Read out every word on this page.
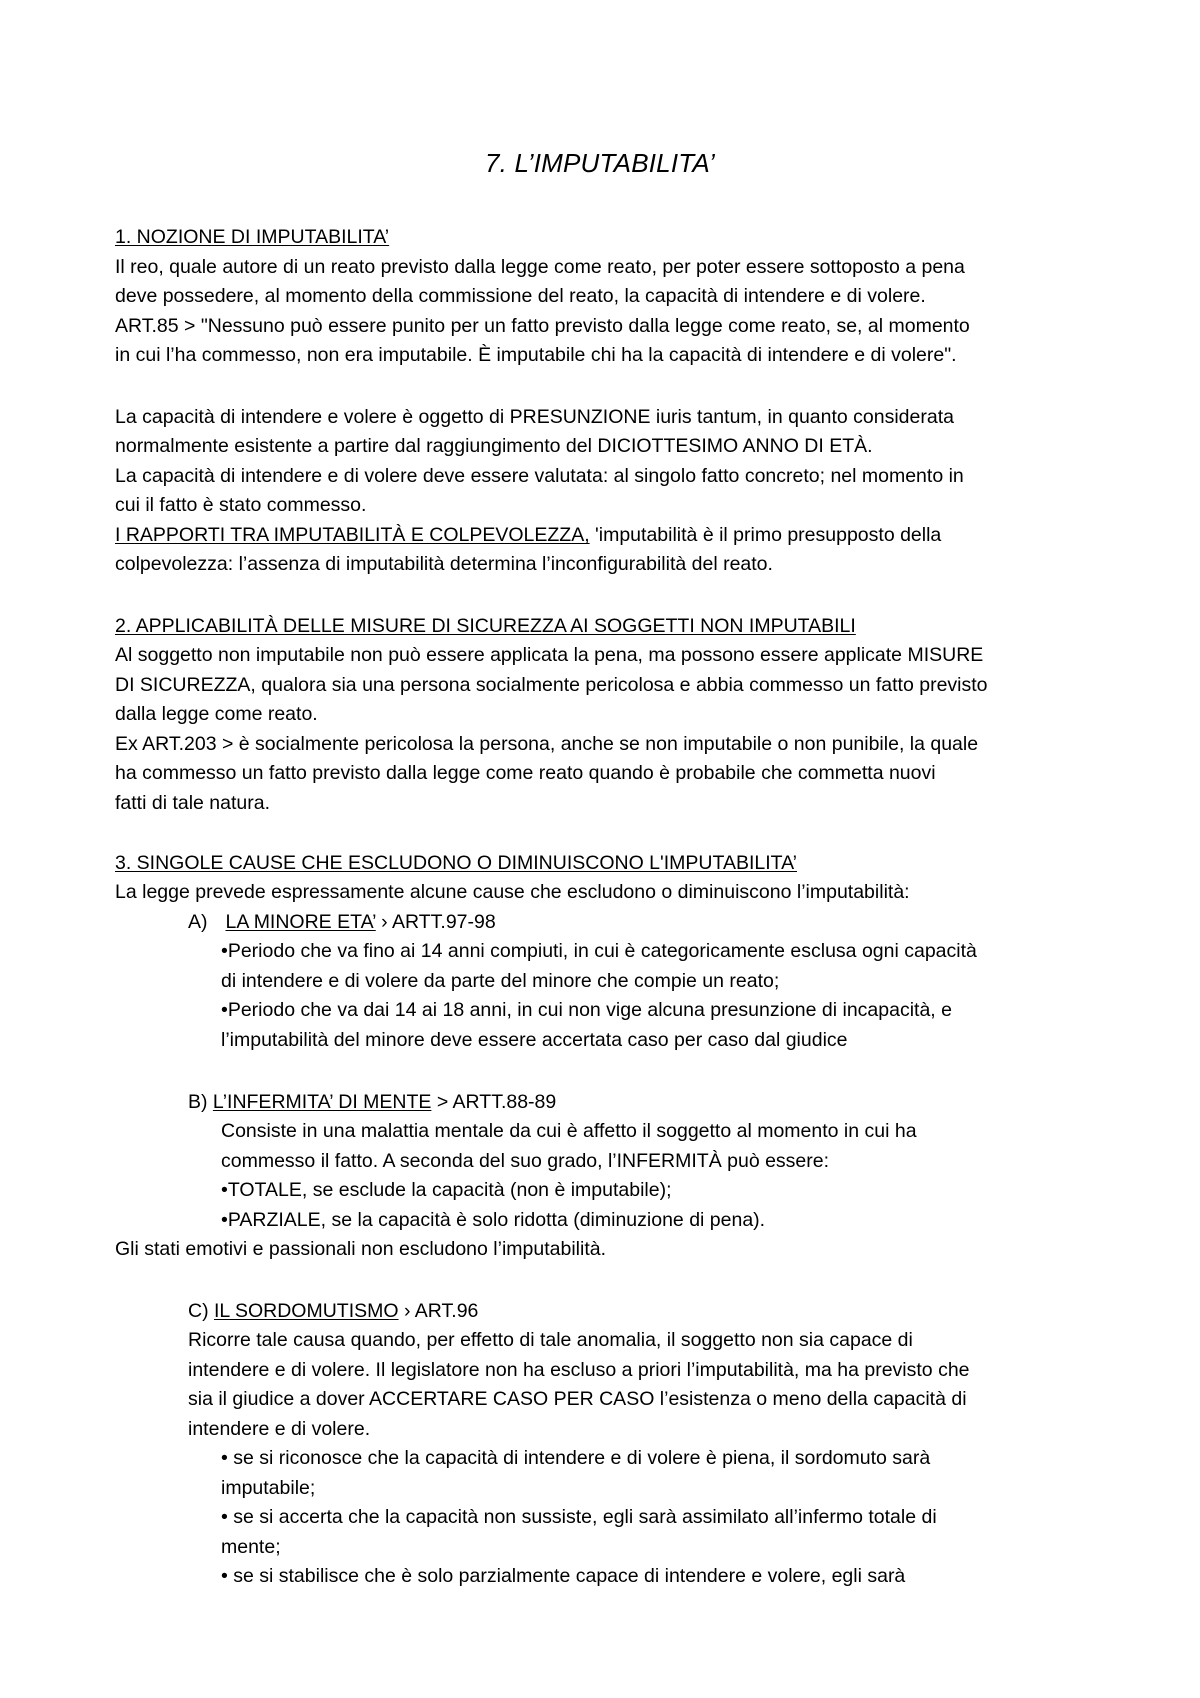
7. L’IMPUTABILITA’
1. NOZIONE DI IMPUTABILITA’
Il reo, quale autore di un reato previsto dalla legge come reato, per poter essere sottoposto a pena
deve possedere, al momento della commissione del reato, la capacità di intendere e di volere.
ART.85 > "Nessuno può essere punito per un fatto previsto dalla legge come reato, se, al momento
in cui l’ha commesso, non era imputabile. È imputabile chi ha la capacità di intendere e di volere".
La capacità di intendere e volere è oggetto di PRESUNZIONE iuris tantum, in quanto considerata
normalmente esistente a partire dal raggiungimento del DICIOTTESIMO ANNO DI ETÀ.
La capacità di intendere e di volere deve essere valutata: al singolo fatto concreto; nel momento in
cui il fatto è stato commesso.
I RAPPORTI TRA IMPUTABILITÀ E COLPEVOLEZZA, 'imputabilità è il primo presupposto della
colpevolezza: l’assenza di imputabilità determina l’inconfigurabilità del reato.
2. APPLICABILITÀ DELLE MISURE DI SICUREZZA AI SOGGETTI NON IMPUTABILI
Al soggetto non imputabile non può essere applicata la pena, ma possono essere applicate MISURE
DI SICUREZZA, qualora sia una persona socialmente pericolosa e abbia commesso un fatto previsto
dalla legge come reato.
Ex ART.203 > è socialmente pericolosa la persona, anche se non imputabile o non punibile, la quale
ha commesso un fatto previsto dalla legge come reato quando è probabile che commetta nuovi
fatti di tale natura.
3. SINGOLE CAUSE CHE ESCLUDONO O DIMINUISCONO L'IMPUTABILITA’
La legge prevede espressamente alcune cause che escludono o diminuiscono l’imputabilità:
A) LA MINORE ETA’ › ARTT.97-98
•Periodo che va fino ai 14 anni compiuti, in cui è categoricamente esclusa ogni capacità
di intendere e di volere da parte del minore che compie un reato;
•Periodo che va dai 14 ai 18 anni, in cui non vige alcuna presunzione di incapacità, e
l’imputabilità del minore deve essere accertata caso per caso dal giudice
B) L’INFERMITA’ DI MENTE > ARTT.88-89
Consiste in una malattia mentale da cui è affetto il soggetto al momento in cui ha
commesso il fatto. A seconda del suo grado, l’INFERMITÀ può essere:
•TOTALE, se esclude la capacità (non è imputabile);
•PARZIALE, se la capacità è solo ridotta (diminuzione di pena).
Gli stati emotivi e passionali non escludono l’imputabilità.
C) IL SORDOMUTISMO › ART.96
Ricorre tale causa quando, per effetto di tale anomalia, il soggetto non sia capace di
intendere e di volere. Il legislatore non ha escluso a priori l’imputabilità, ma ha previsto che
sia il giudice a dover ACCERTARE CASO PER CASO l’esistenza o meno della capacità di
intendere e di volere.
• se si riconosce che la capacità di intendere e di volere è piena, il sordomuto sarà
imputabile;
• se si accerta che la capacità non sussiste, egli sarà assimilato all’infermo totale di
mente;
• se si stabilisce che è solo parzialmente capace di intendere e volere, egli sarà
